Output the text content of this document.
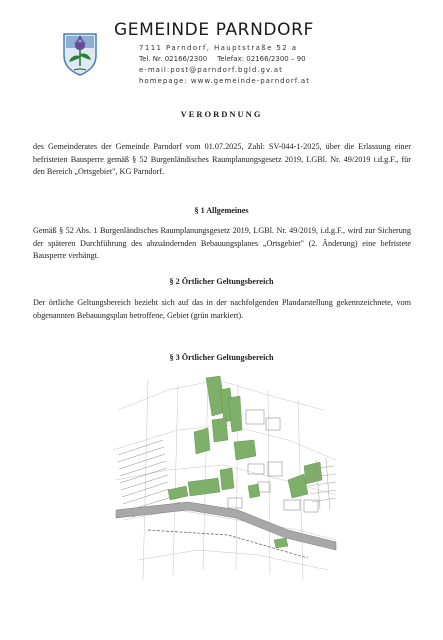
GEMEINDE PARNDORF
7111 Parndorf, Hauptstraße 52 a
Tel. Nr. 02166/2300 Telefax: 02166/2300 – 90
e-mail:post@parndorf.bgld.gv.at
homepage: www.gemeinde-parndorf.at
VERORDNUNG
des Gemeinderates der Gemeinde Parndorf vom 01.07.2025, Zahl: SV-044-1-2025, über die Erlassung einer befristeten Bausperre gemäß § 52 Burgenländisches Raumplanungsgesetz 2019, LGBl. Nr. 49/2019 i.d.g.F., für den Bereich „Ortsgebiet", KG Parndorf.
§ 1 Allgemeines
Gemäß § 52 Abs. 1 Burgenländisches Raumplanungsgesetz 2019, LGBl. Nr. 49/2019, i.d.g.F., wird zur Sicherung der späteren Durchführung des abzuändernden Bebauungsplanes „Ortsgebiet" (2. Änderung) eine befristete Bausperre verhängt.
§ 2 Örtlicher Geltungsbereich
Der örtliche Geltungsbereich bezieht sich auf das in der nachfolgenden Plandarstellung gekennzeichnete, vom obgenannten Bebauungsplan betroffene, Gebiet (grün markiert).
§ 3 Örtlicher Geltungsbereich
